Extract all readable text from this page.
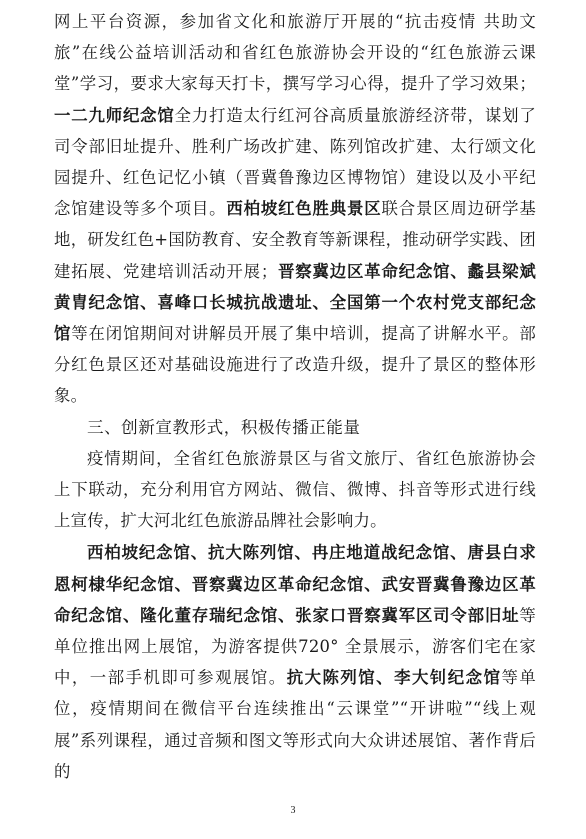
网上平台资源，参加省文化和旅游厅开展的“抗击疫情 共助文旅”在线公益培训活动和省红色旅游协会开设的“红色旅游云课堂”学习，要求大家每天打卡，撰写学习心得，提升了学习效果；一二九师纪念馆全力打造太行红河谷高质量旅游经济带，谋划了司令部旧址提升、胜利广场改扩建、陈列馆改扩建、太行颂文化园提升、红色记忆小镇（晋冀鲁豫边区博物馆）建设以及小平纪念馆建设等多个项目。西柏坡红色胜典景区联合景区周边研学基地，研发红色+国防教育、安全教育等新课程，推动研学实践、团建拓展、党建培训活动开展；晋察冀边区革命纪念馆、蠡县梁斌黄胄纪念馆、喜峰口长城抗战遗址、全国第一个农村党支部纪念馆等在闭馆期间对讲解员开展了集中培训，提高了讲解水平。部分红色景区还对基础设施进行了改造升级，提升了景区的整体形象。

三、创新宣教形式，积极传播正能量

疫情期间，全省红色旅游景区与省文旅厅、省红色旅游协会上下联动，充分利用官方网站、微信、微博、抖音等形式进行线上宣传，扩大河北红色旅游品牌社会影响力。

西柏坡纪念馆、抗大陈列馆、冉庄地道战纪念馆、唐县白求恩柯棣华纪念馆、晋察冀边区革命纪念馆、武安晋冀鲁豫边区革命纪念馆、隆化董存瑞纪念馆、张家口晋察冀军区司令部旧址等单位推出网上展馆，为游客提供720° 全景展示，游客们宅在家中，一部手机即可参观展馆。抗大陈列馆、李大钊纪念馆等单位，疫情期间在微信平台连续推出“云课堂”“开讲啦”“线上观展”系列课程，通过音频和图文等形式向大众讲述展馆、著作背后的

3
